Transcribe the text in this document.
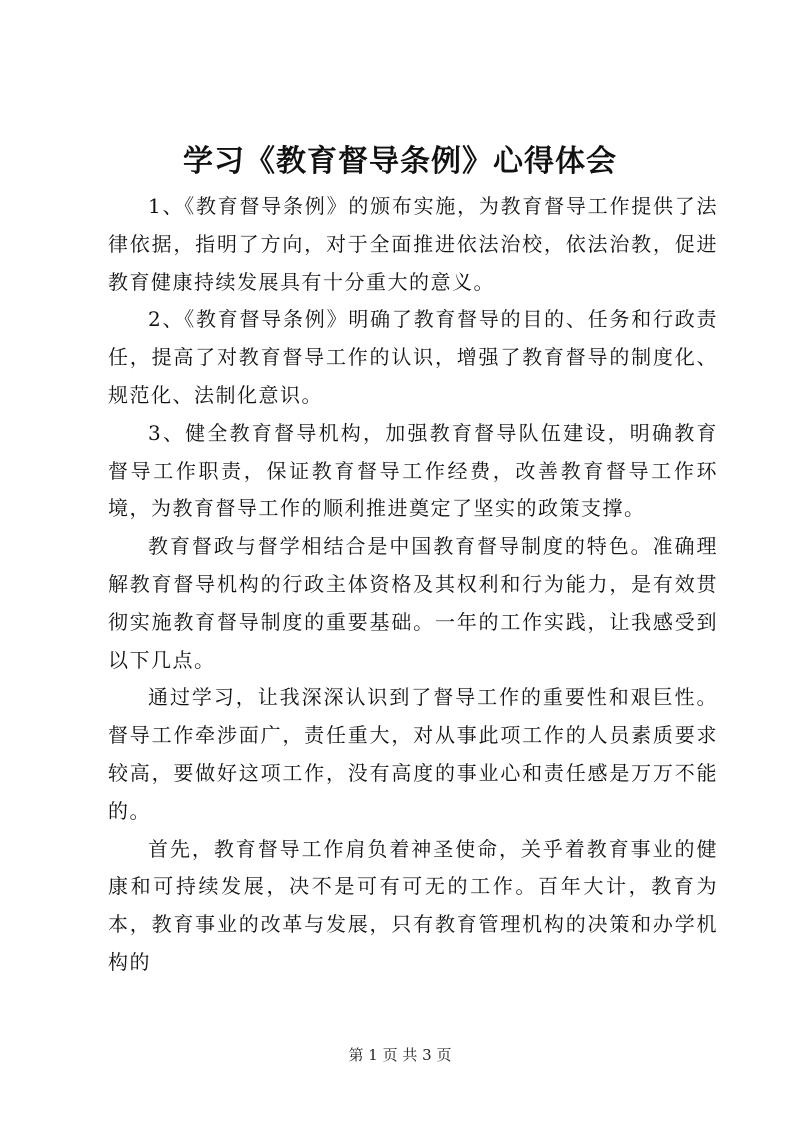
学习《教育督导条例》心得体会

1、《教育督导条例》的颁布实施，为教育督导工作提供了法律依据，指明了方向，对于全面推进依法治校，依法治教，促进教育健康持续发展具有十分重大的意义。

2、《教育督导条例》明确了教育督导的目的、任务和行政责任，提高了对教育督导工作的认识，增强了教育督导的制度化、规范化、法制化意识。

3、健全教育督导机构，加强教育督导队伍建设，明确教育督导工作职责，保证教育督导工作经费，改善教育督导工作环境，为教育督导工作的顺利推进奠定了坚实的政策支撑。

教育督政与督学相结合是中国教育督导制度的特色。准确理解教育督导机构的行政主体资格及其权利和行为能力，是有效贯彻实施教育督导制度的重要基础。一年的工作实践，让我感受到以下几点。

通过学习，让我深深认识到了督导工作的重要性和艰巨性。督导工作牵涉面广，责任重大，对从事此项工作的人员素质要求较高，要做好这项工作，没有高度的事业心和责任感是万万不能的。

首先，教育督导工作肩负着神圣使命，关乎着教育事业的健康和可持续发展，决不是可有可无的工作。百年大计，教育为本，教育事业的改革与发展，只有教育管理机构的决策和办学机构的

第 1 页 共 3 页
